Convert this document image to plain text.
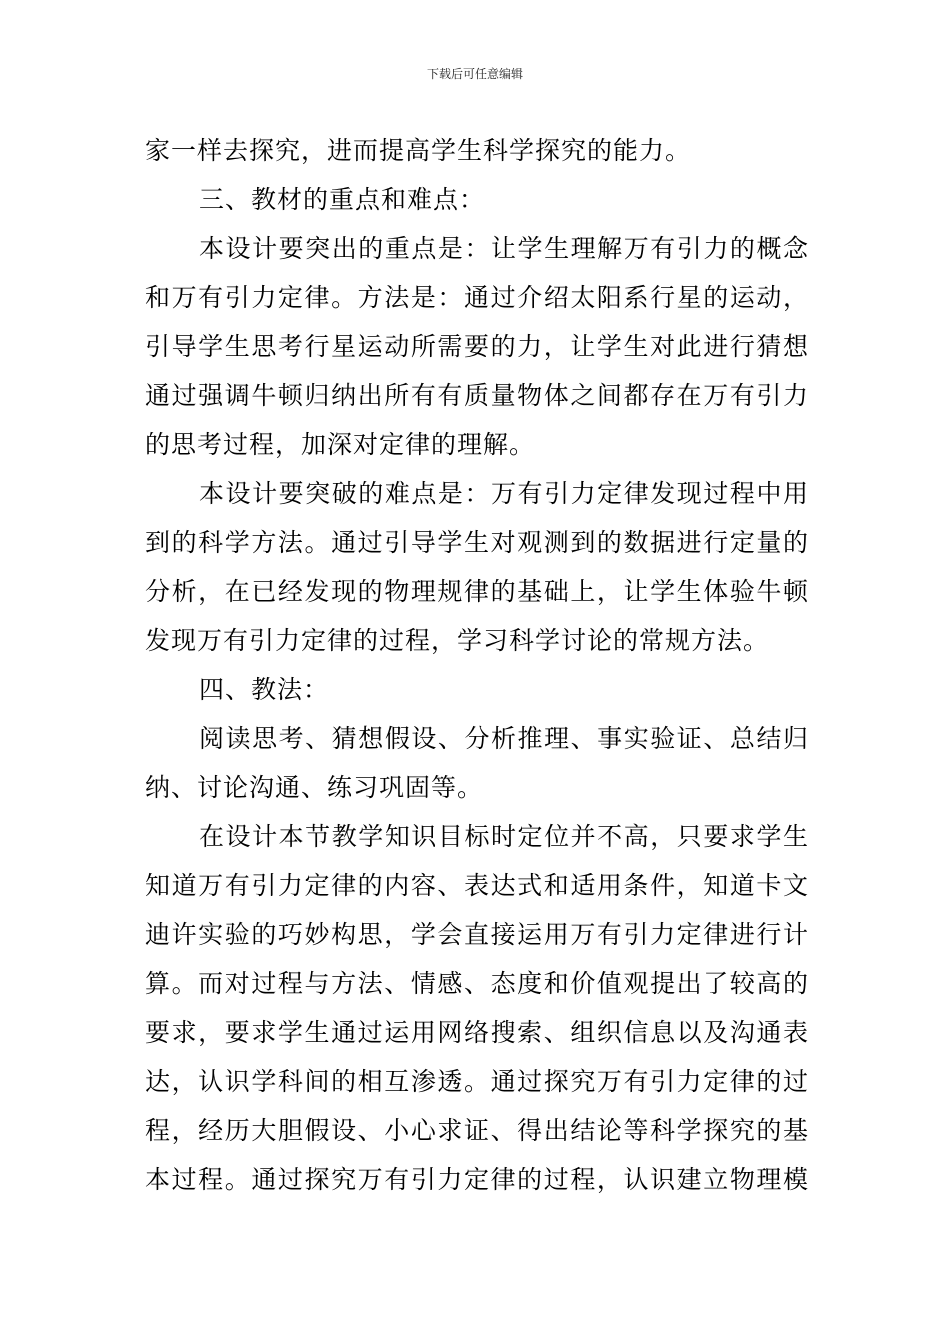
下载后可任意编辑
家一样去探究，进而提高学生科学探究的能力。
三、教材的重点和难点：
本设计要突出的重点是：让学生理解万有引力的概念
和万有引力定律。方法是：通过介绍太阳系行星的运动，
引导学生思考行星运动所需要的力，让学生对此进行猜想
通过强调牛顿归纳出所有有质量物体之间都存在万有引力
的思考过程，加深对定律的理解。
本设计要突破的难点是：万有引力定律发现过程中用
到的科学方法。通过引导学生对观测到的数据进行定量的
分析，在已经发现的物理规律的基础上，让学生体验牛顿
发现万有引力定律的过程，学习科学讨论的常规方法。
四、教法：
阅读思考、猜想假设、分析推理、事实验证、总结归
纳、讨论沟通、练习巩固等。
在设计本节教学知识目标时定位并不高，只要求学生
知道万有引力定律的内容、表达式和适用条件，知道卡文
迪许实验的巧妙构思，学会直接运用万有引力定律进行计
算。而对过程与方法、情感、态度和价值观提出了较高的
要求，要求学生通过运用网络搜索、组织信息以及沟通表
达，认识学科间的相互渗透。通过探究万有引力定律的过
程，经历大胆假设、小心求证、得出结论等科学探究的基
本过程。通过探究万有引力定律的过程，认识建立物理模
